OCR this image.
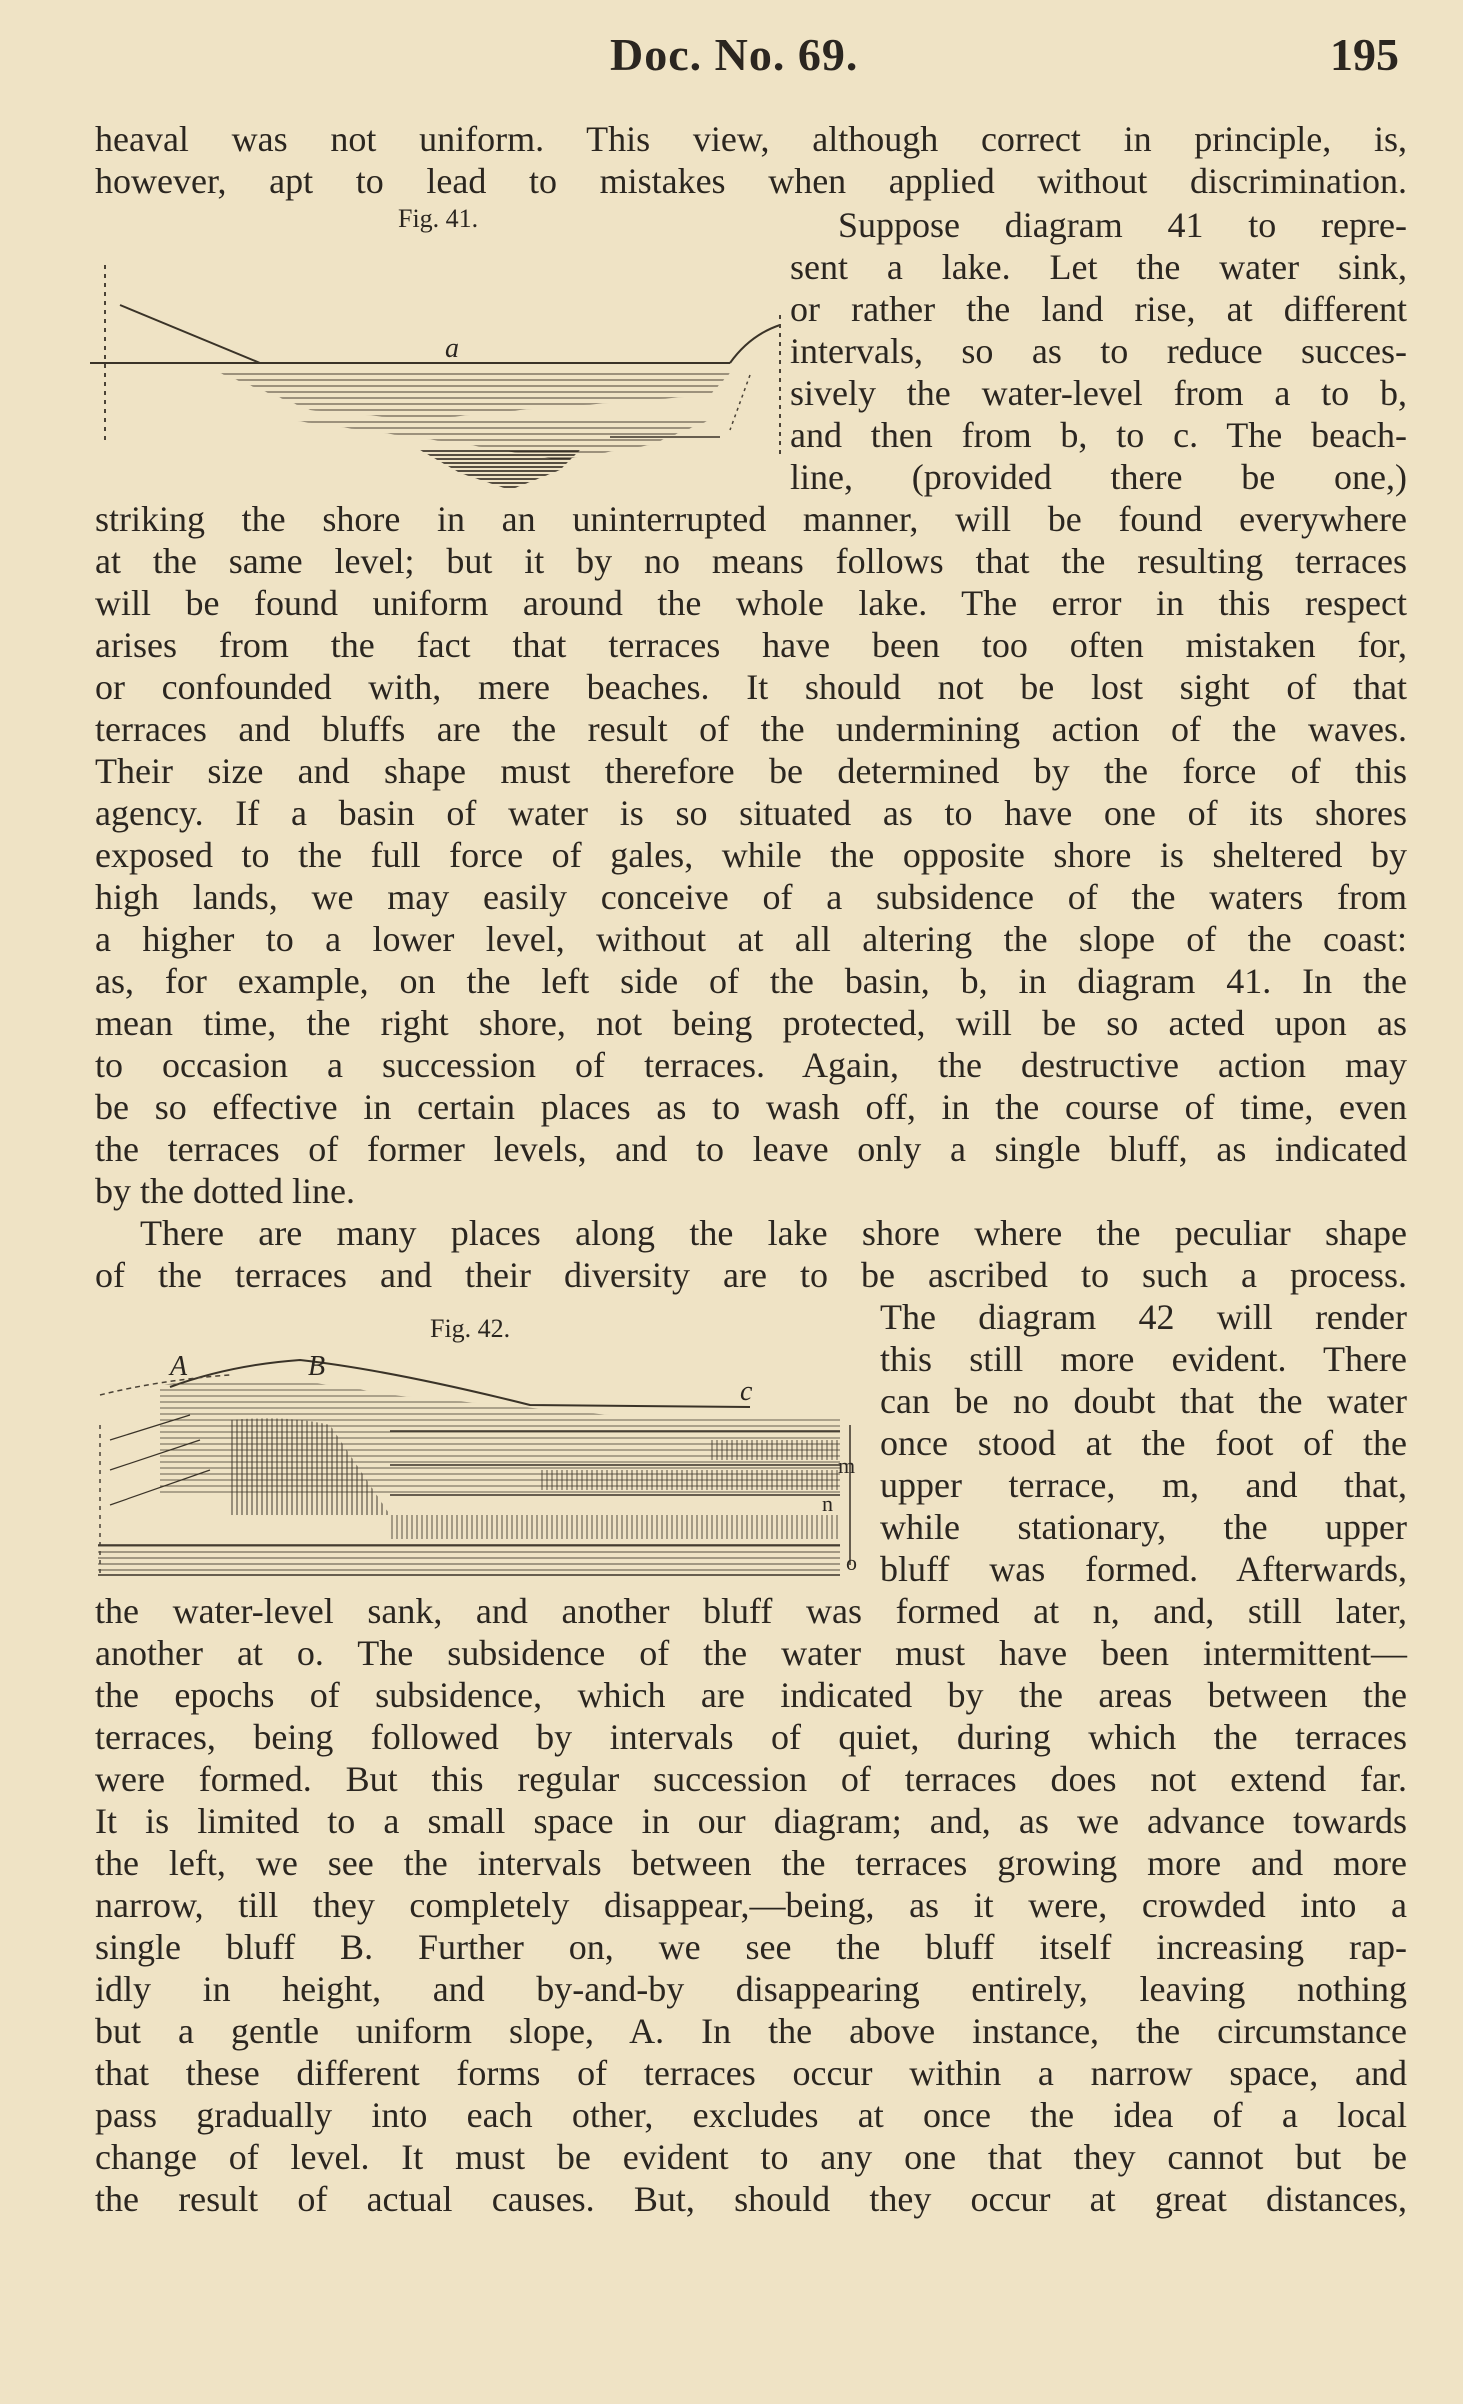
Doc. No. 69.	195
heaval was not uniform. This view, although correct in principle, is,
however, apt to lead to mistakes when applied without discrimination.
Fig. 41.
a
Suppose diagram 41 to repre-
sent a lake. Let the water sink,
or rather the land rise, at different
intervals, so as to reduce succes-
sively the water-level from a to b,
and then from b, to c. The beach-
line, (provided there be one,)
striking the shore in an uninterrupted manner, will be found everywhere
at the same level; but it by no means follows that the resulting terraces
will be found uniform around the whole lake. The error in this respect
arises from the fact that terraces have been too often mistaken for,
or confounded with, mere beaches. It should not be lost sight of that
terraces and bluffs are the result of the undermining action of the waves.
Their size and shape must therefore be determined by the force of this
agency. If a basin of water is so situated as to have one of its shores
exposed to the full force of gales, while the opposite shore is sheltered by
high lands, we may easily conceive of a subsidence of the waters from
a higher to a lower level, without at all altering the slope of the coast:
as, for example, on the left side of the basin, b, in diagram 41. In the
mean time, the right shore, not being protected, will be so acted upon as
to occasion a succession of terraces. Again, the destructive action may
be so effective in certain places as to wash off, in the course of time, even
the terraces of former levels, and to leave only a single bluff, as indicated
by the dotted line.
There are many places along the lake shore where the peculiar shape
of the terraces and their diversity are to be ascribed to such a process.
Fig. 42.
A	B
c
m
n
o
The diagram 42 will render
this still more evident. There
can be no doubt that the water
once stood at the foot of the
upper terrace, m, and that,
while stationary, the upper
bluff was formed. Afterwards,
the water-level sank, and another bluff was formed at n, and, still later,
another at o. The subsidence of the water must have been intermittent—
the epochs of subsidence, which are indicated by the areas between the
terraces, being followed by intervals of quiet, during which the terraces
were formed. But this regular succession of terraces does not extend far.
It is limited to a small space in our diagram; and, as we advance towards
the left, we see the intervals between the terraces growing more and more
narrow, till they completely disappear,—being, as it were, crowded into a
single bluff B. Further on, we see the bluff itself increasing rap-
idly in height, and by-and-by disappearing entirely, leaving nothing
but a gentle uniform slope, A. In the above instance, the circumstance
that these different forms of terraces occur within a narrow space, and
pass gradually into each other, excludes at once the idea of a local
change of level. It must be evident to any one that they cannot but be
the result of actual causes. But, should they occur at great distances,
